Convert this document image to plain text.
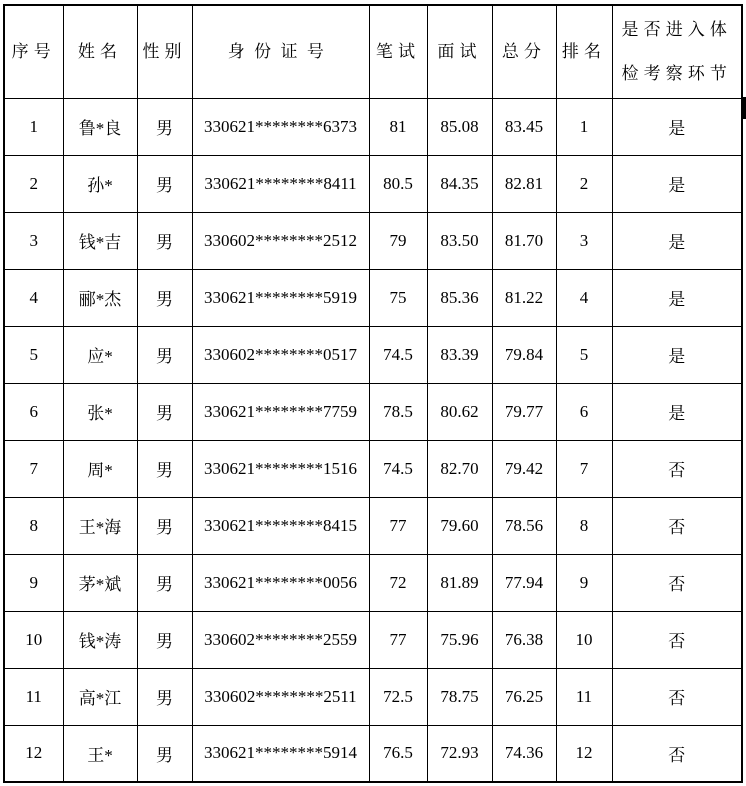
序号	姓名	性别	身份证号	笔试	面试	总分	排名	是否进入体检考察环节
1	鲁*良	男	330621********6373	81	85.08	83.45	1	是
2	孙*	男	330621********8411	80.5	84.35	82.81	2	是
3	钱*吉	男	330602********2512	79	83.50	81.70	3	是
4	郦*杰	男	330621********5919	75	85.36	81.22	4	是
5	应*	男	330602********0517	74.5	83.39	79.84	5	是
6	张*	男	330621********7759	78.5	80.62	79.77	6	是
7	周*	男	330621********1516	74.5	82.70	79.42	7	否
8	王*海	男	330621********8415	77	79.60	78.56	8	否
9	茅*斌	男	330621********0056	72	81.89	77.94	9	否
10	钱*涛	男	330602********2559	77	75.96	76.38	10	否
11	高*江	男	330602********2511	72.5	78.75	76.25	11	否
12	王*	男	330621********5914	76.5	72.93	74.36	12	否
